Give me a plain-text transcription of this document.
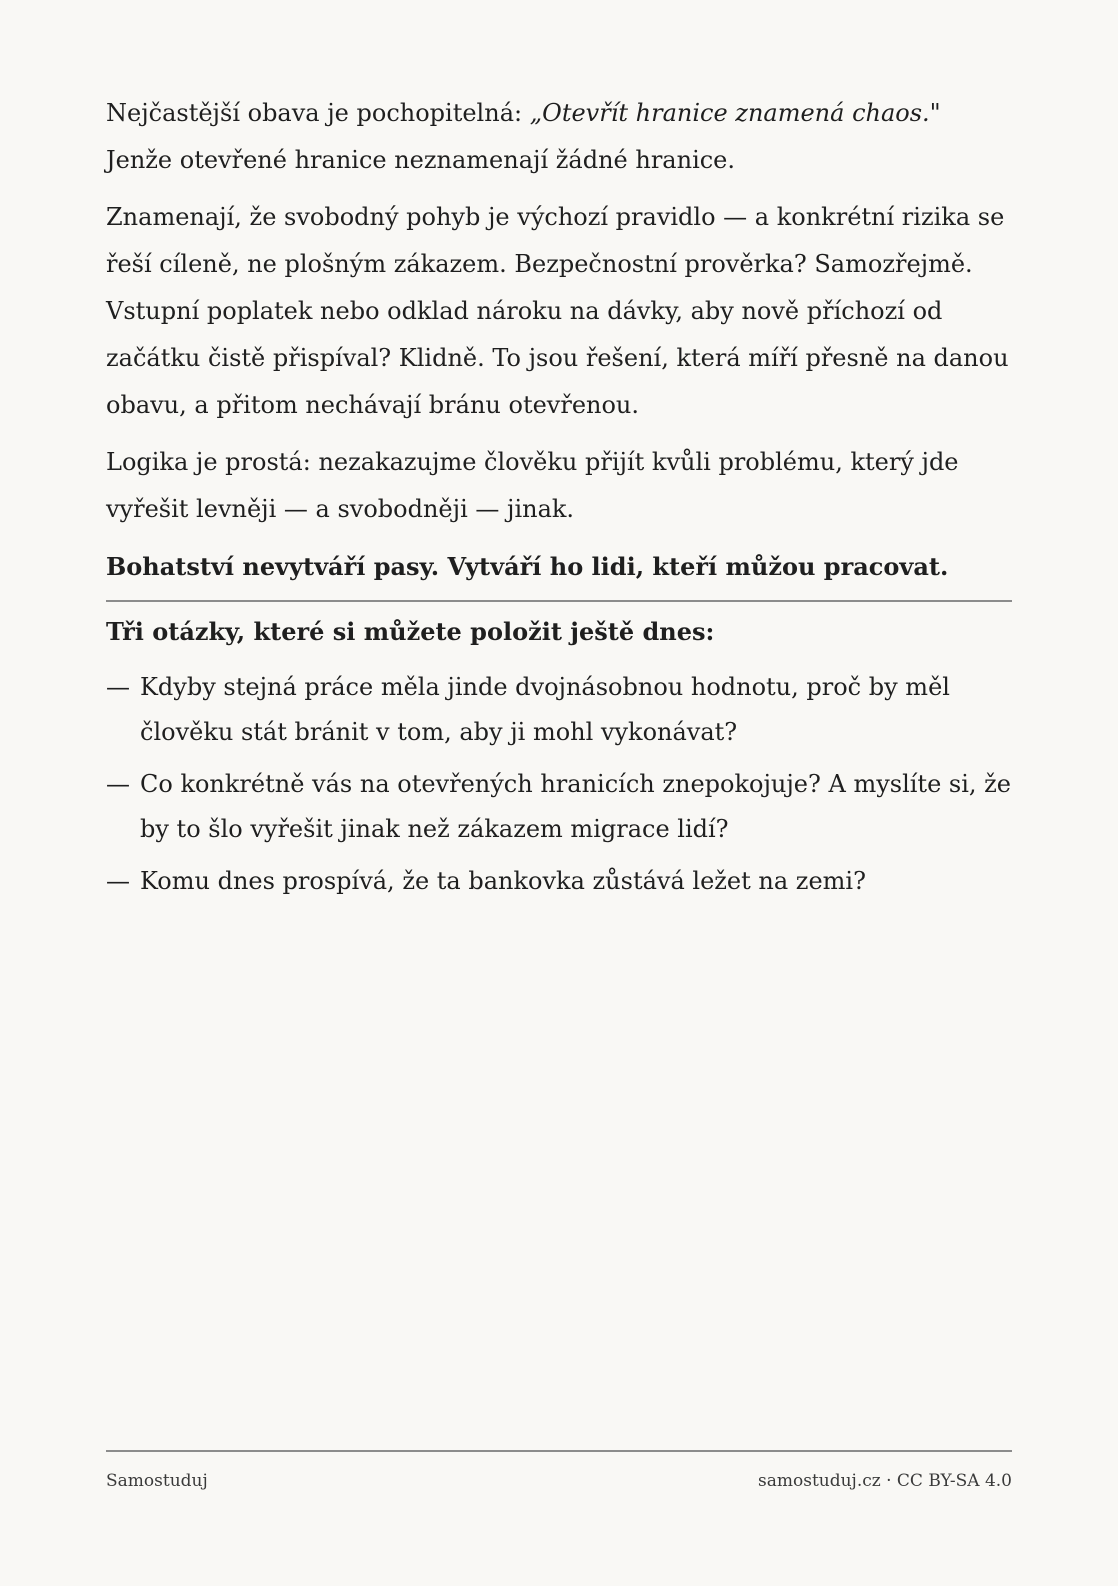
Nejčastější obava je pochopitelná: „Otevřít hranice znamená chaos." Jenže otevřené hranice neznamenají žádné hranice.

Znamenají, že svobodný pohyb je výchozí pravidlo — a konkrétní rizika se řeší cíleně, ne plošným zákazem. Bezpečnostní prověrka? Samozřejmě. Vstupní poplatek nebo odklad nároku na dávky, aby nově příchozí od začátku čistě přispíval? Klidně. To jsou řešení, která míří přesně na danou obavu, a přitom nechávají bránu otevřenou.

Logika je prostá: nezakazujme člověku přijít kvůli problému, který jde vyřešit levněji — a svobodněji — jinak.

Bohatství nevytváří pasy. Vytváří ho lidi, kteří můžou pracovat.

Tři otázky, které si můžete položit ještě dnes:

— Kdyby stejná práce měla jinde dvojnásobnou hodnotu, proč by měl člověku stát bránit v tom, aby ji mohl vykonávat?
— Co konkrétně vás na otevřených hranicích znepokojuje? A myslíte si, že by to šlo vyřešit jinak než zákazem migrace lidí?
— Komu dnes prospívá, že ta bankovka zůstává ležet na zemi?
Samostuduj	samostuduj.cz · CC BY-SA 4.0
